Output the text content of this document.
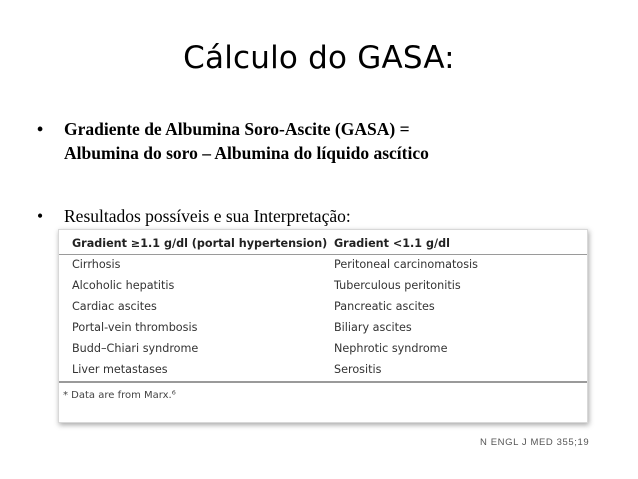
Cálculo do GASA:
• Gradiente de Albumina Soro-Ascite (GASA) =
Albumina do soro – Albumina do líquido ascítico
• Resultados possíveis e sua Interpretação:
Gradient ≥1.1 g/dl (portal hypertension)
Cirrhosis
Alcoholic hepatitis
Cardiac ascites
Portal-vein thrombosis
Budd–Chiari syndrome
Liver metastases
Gradient <1.1 g/dl
Peritoneal carcinomatosis
Tuberculous peritonitis
Pancreatic ascites
Biliary ascites
Nephrotic syndrome
Serositis
* Data are from Marx.⁶
N ENGL J MED 355;19
